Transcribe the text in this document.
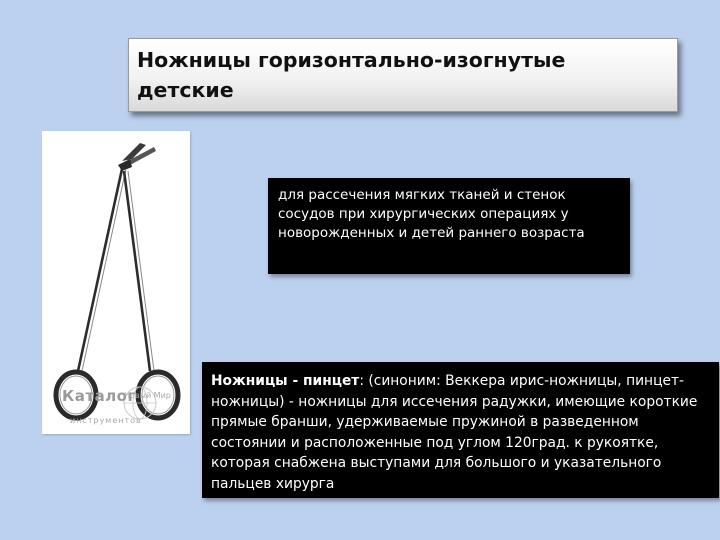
Ножницы горизонтально-изогнутые детские
Каталог
Новый Мир
инструментов
для рассечения мягких тканей и стенок сосудов при хирургических операциях у новорожденных и детей раннего возраста
Ножницы - пинцет: (синоним: Веккера ирис-ножницы, пинцет-ножницы) - ножницы для иссечения радужки, имеющие короткие прямые бранши, удерживаемые пружиной в разведенном состоянии и расположенные под углом 120град. к рукоятке, которая снабжена выступами для большого и указательного пальцев хирурга
